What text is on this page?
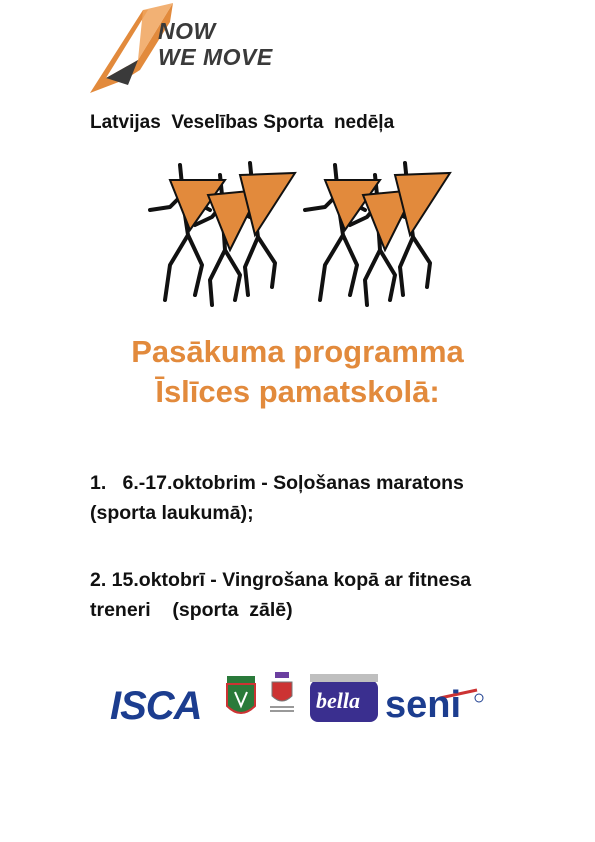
NOW
WE MOVE
Latvijas  Veselības Sporta  nedēļa
Pasākuma programma
Īslīces pamatskolā:
1.   6.-17.oktobrim - Soļošanas maratons  (sporta laukumā);
2. 15.oktobrī - Vingrošana kopā ar fitnesa treneri    (sporta  zālē)
ISCA	bella seni
